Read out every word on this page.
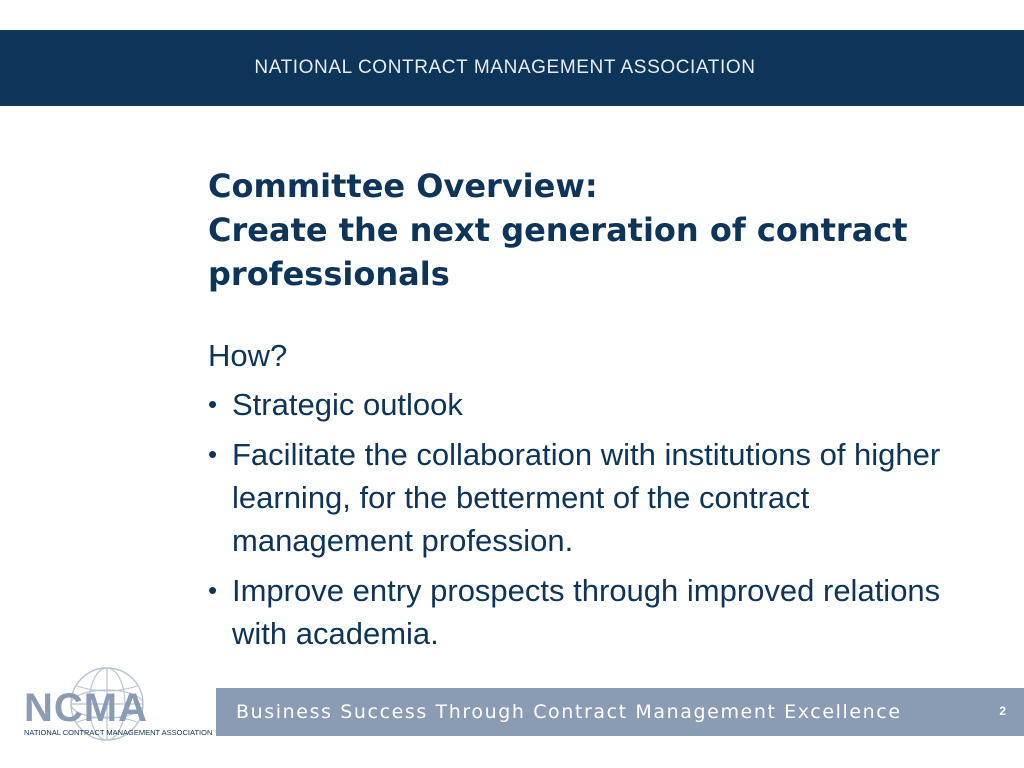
NATIONAL CONTRACT MANAGEMENT ASSOCIATION
Committee Overview:
Create the next generation of contract
professionals
How?
• Strategic outlook
• Facilitate the collaboration with institutions of higher learning, for the betterment of the contract management profession.
• Improve entry prospects through improved relations with academia.
NCMA
NATIONAL CONTRACT MANAGEMENT ASSOCIATION
Business Success Through Contract Management Excellence	2
